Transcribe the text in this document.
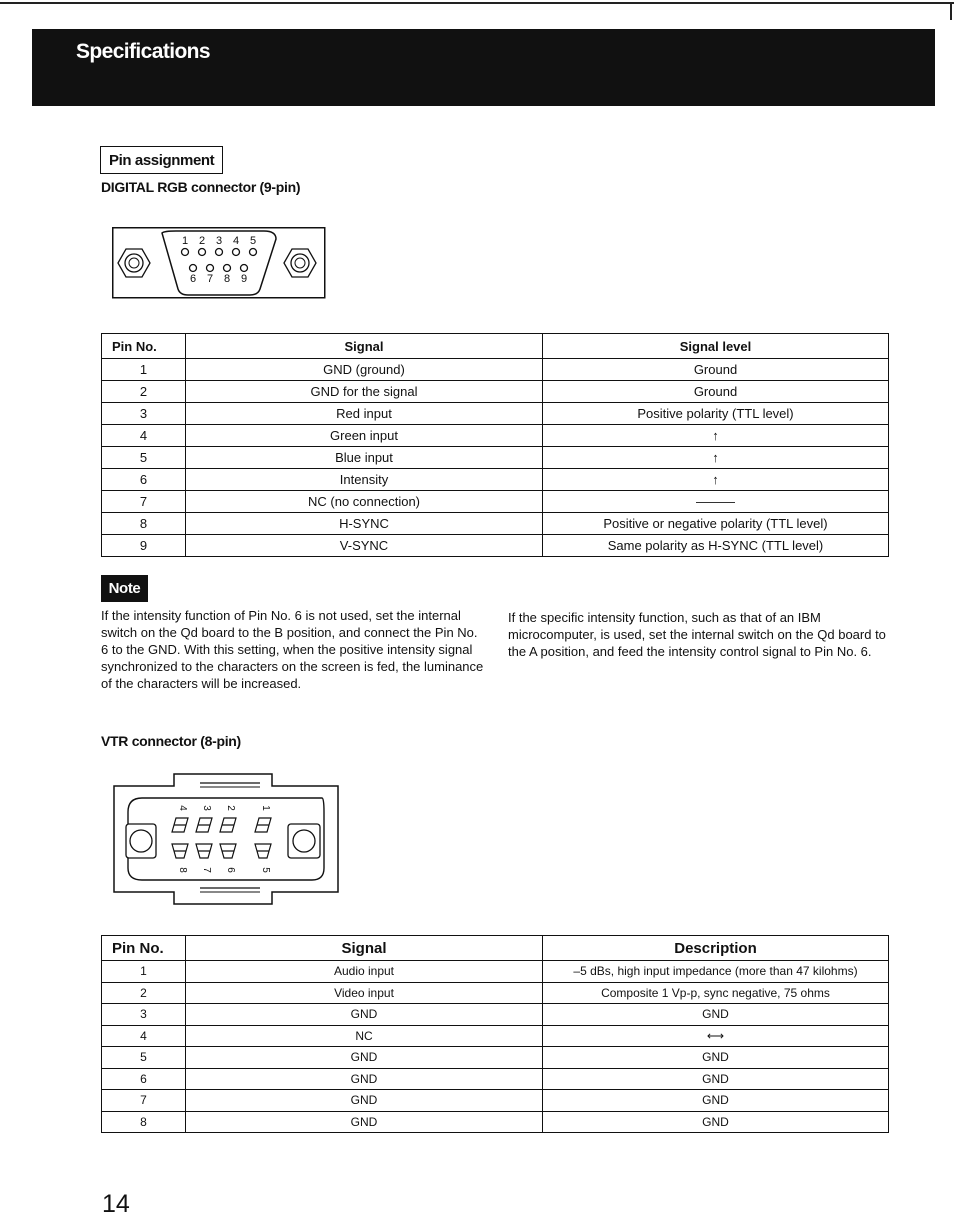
Specifications
Pin assignment
DIGITAL RGB connector (9-pin)
1 2 3 4 5
6 7 8 9
Pin No.	Signal	Signal level
1	GND (ground)	Ground
2	GND for the signal	Ground
3	Red input	Positive polarity (TTL level)
4	Green input	↑
5	Blue input	↑
6	Intensity	↑
7	NC (no connection)	———
8	H-SYNC	Positive or negative polarity (TTL level)
9	V-SYNC	Same polarity as H-SYNC (TTL level)
Note
If the intensity function of Pin No. 6 is not used, set the internal switch on the Qd board to the B position, and connect the Pin No. 6 to the GND. With this setting, when the positive intensity signal synchronized to the characters on the screen is fed, the luminance of the characters will be increased.
If the specific intensity function, such as that of an IBM microcomputer, is used, set the internal switch on the Qd board to the A position, and feed the intensity control signal to Pin No. 6.
VTR connector (8-pin)
4 3 2 1
8 7 6 5
Pin No.	Signal	Description
1	Audio input	–5 dBs, high input impedance (more than 47 kilohms)
2	Video input	Composite 1 Vp-p, sync negative, 75 ohms
3	GND	GND
4	NC	⟷
5	GND	GND
6	GND	GND
7	GND	GND
8	GND	GND
14
